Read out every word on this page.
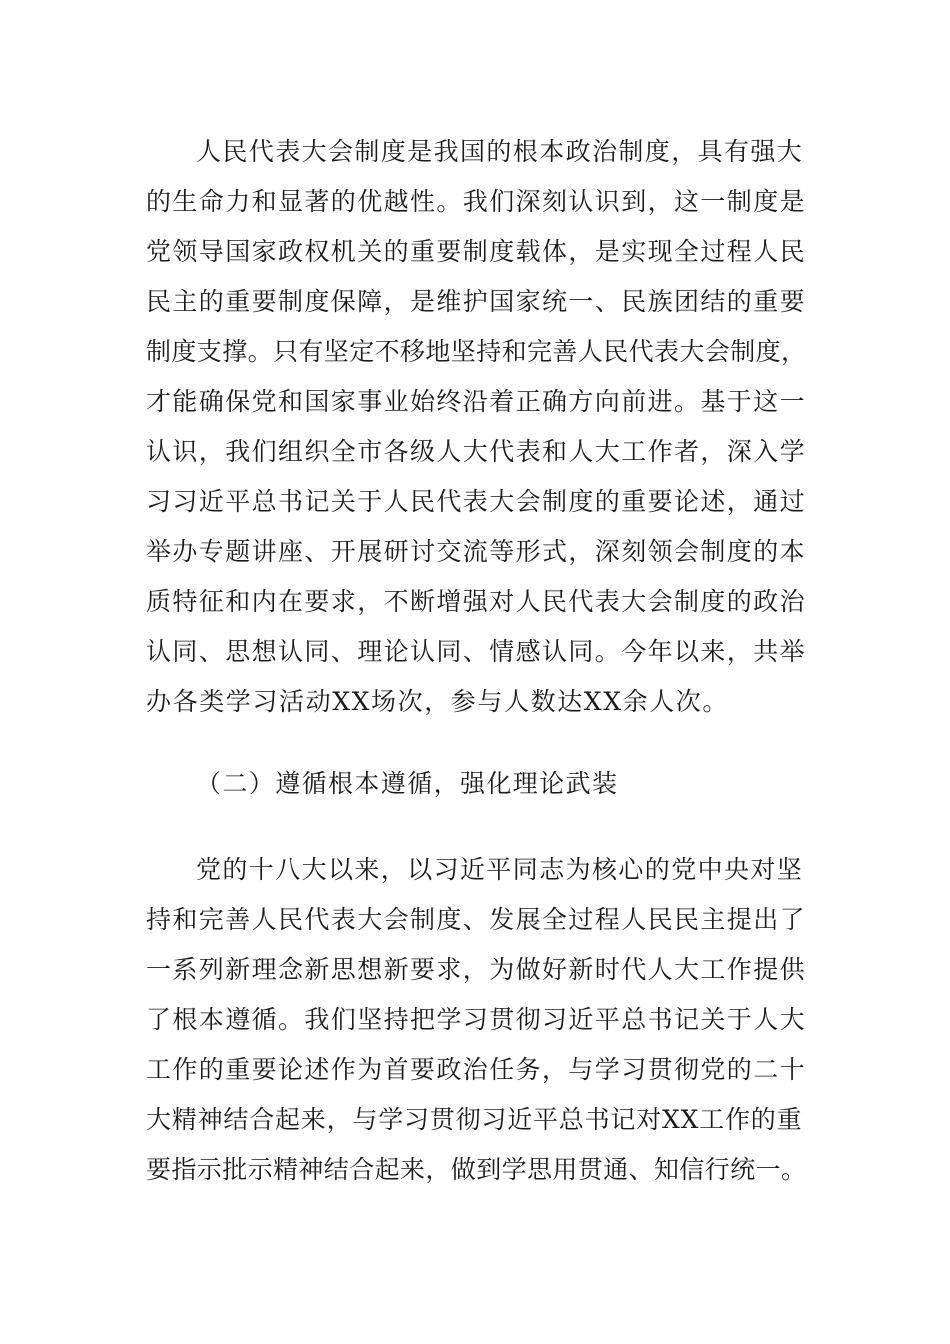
人民代表大会制度是我国的根本政治制度，具有强大
的生命力和显著的优越性。我们深刻认识到，这一制度是
党领导国家政权机关的重要制度载体，是实现全过程人民
民主的重要制度保障，是维护国家统一、民族团结的重要
制度支撑。只有坚定不移地坚持和完善人民代表大会制度，
才能确保党和国家事业始终沿着正确方向前进。基于这一
认识，我们组织全市各级人大代表和人大工作者，深入学
习习近平总书记关于人民代表大会制度的重要论述，通过
举办专题讲座、开展研讨交流等形式，深刻领会制度的本
质特征和内在要求，不断增强对人民代表大会制度的政治
认同、思想认同、理论认同、情感认同。今年以来，共举
办各类学习活动XX场次，参与人数达XX余人次。
（二）遵循根本遵循，强化理论武装
党的十八大以来，以习近平同志为核心的党中央对坚
持和完善人民代表大会制度、发展全过程人民民主提出了
一系列新理念新思想新要求，为做好新时代人大工作提供
了根本遵循。我们坚持把学习贯彻习近平总书记关于人大
工作的重要论述作为首要政治任务，与学习贯彻党的二十
大精神结合起来，与学习贯彻习近平总书记对XX工作的重
要指示批示精神结合起来，做到学思用贯通、知信行统一。
